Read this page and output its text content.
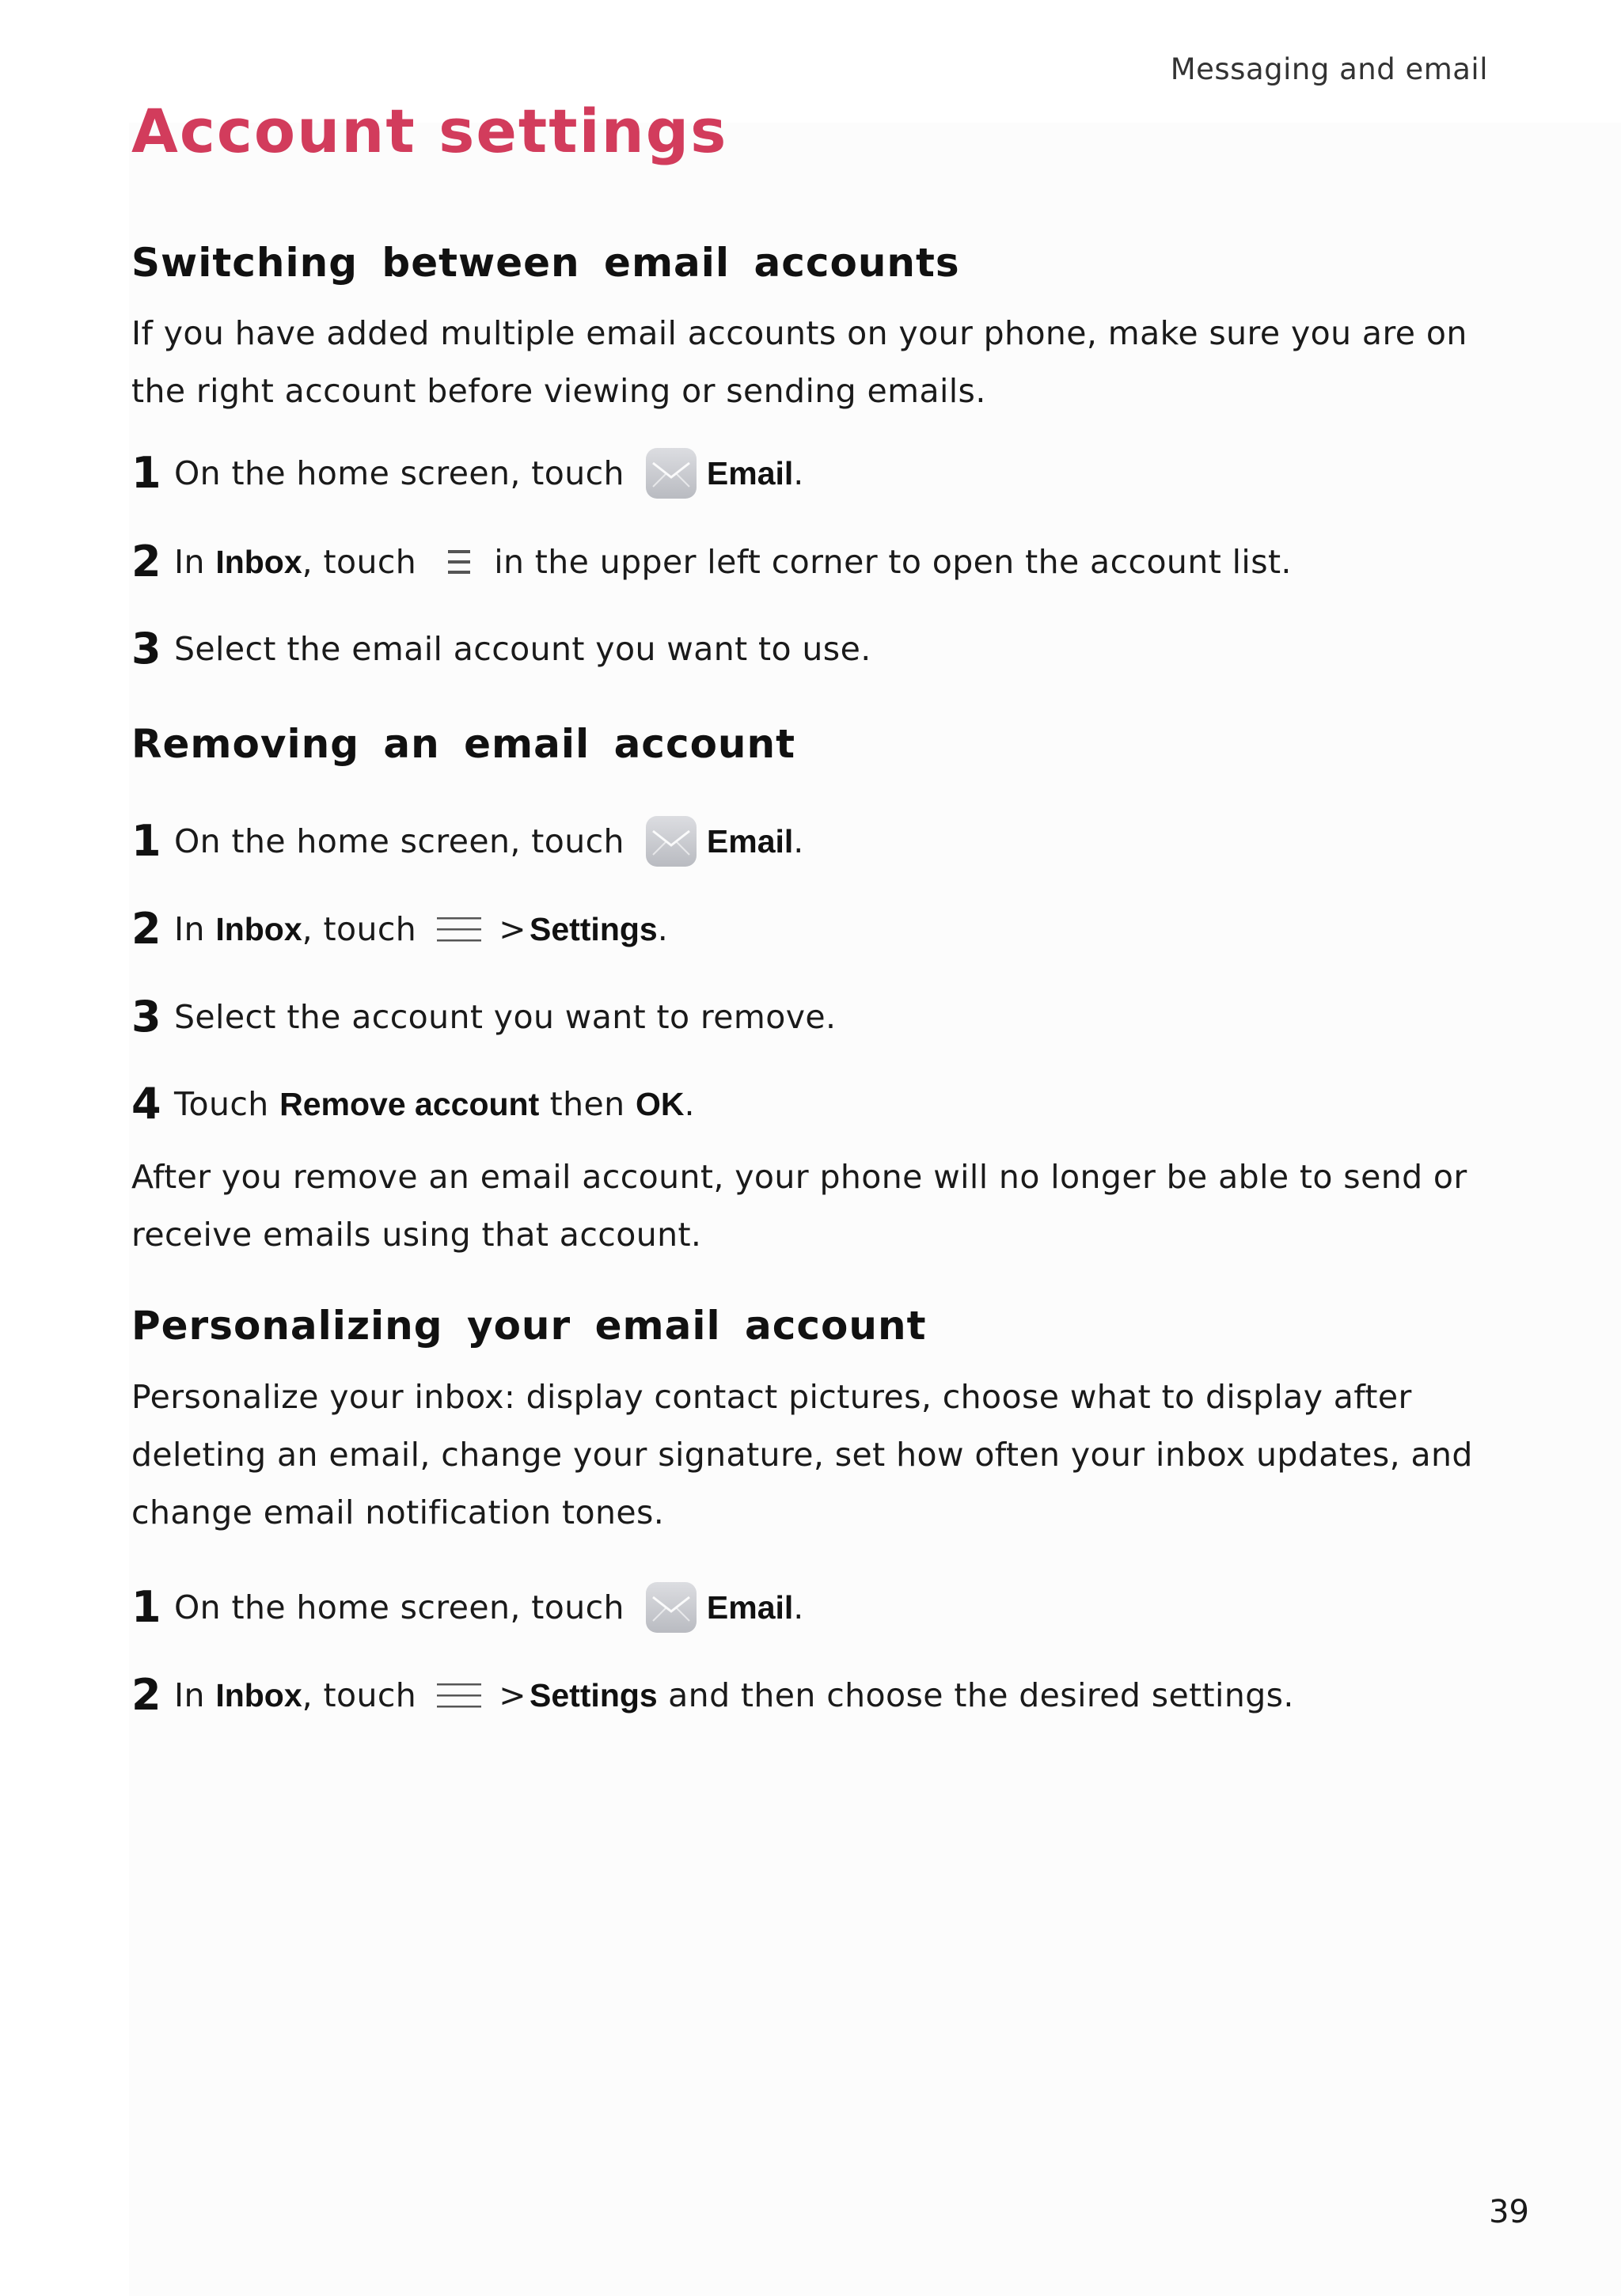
Messaging and email
Account settings
Switching between email accounts

If you have added multiple email accounts on your phone, make sure you are on the right account before viewing or sending emails.

1 On the home screen, touch	Email .
2 In
Inbox , touch in the upper left corner to open the account list.
3 Select the email account you want to use.
Removing an email account
1 On the home screen, touch	Email .
2 In
Inbox , touch	> Settings .
3 Select the account you want to remove.
4 Touch
Remove account
then
OK .

After you remove an email account, your phone will no longer be able to send or receive emails using that account.

Personalizing your email account

Personalize your inbox: display contact pictures, choose what to display after deleting an email, change your signature, set how often your inbox updates, and change email notification tones.

1 On the home screen, touch	Email .
2 In
Inbox , touch	> Settings
and then choose the desired settings.
39
